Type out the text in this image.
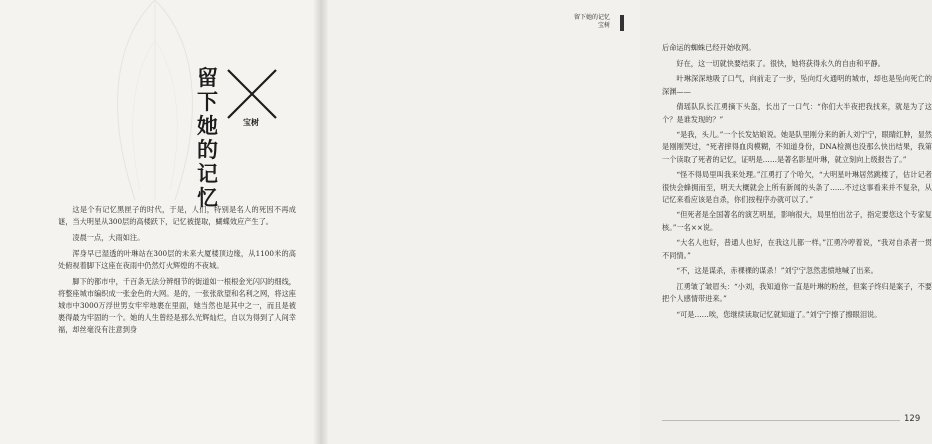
留下她的记忆
宝树

这是个有记忆黑匣子的时代，于是，人们，特别是名人的死因不再成谜，当大明星从300层的高楼跃下，记忆被提取，蝴蝶效应产生了。

凌晨一点，大雨如注。

浑身早已湿透的叶琳站在300层的未来大厦楼顶边缘，从1100米的高处俯视着脚下这座在夜雨中仍然灯火辉煌的不夜城。

脚下的都市中，千百条无法分辨细节的街道如一根根金光闪闪的细线，将整座城市编织成一张金色的大网。是的，一张张欲望和名利之网，将这座城市中3000万浮世男女牢牢地裹在里面，她当然也是其中之一，而且是被裹得最为牢固的一个。她的人生曾经是那么光辉灿烂，自以为得到了人间幸福，却丝毫没有注意到身

留下她的记忆
宝树

后命运的蜘蛛已经开始收网。

好在，这一切就快要结束了。很快，她将获得永久的自由和平静。

叶琳深深地吸了口气，向前走了一步，坠向灯火通明的城市，却也是坠向死亡的深渊——

倩瑶队队长江勇摘下头盔，长出了一口气：“你们大半夜把我找来，就是为了这个？是谁发现的？”

“是我，头儿。”一个长发姑娘说。她是队里刚分来的新人刘宁宁，眼睛红肿，显然是刚刚哭过，“死者摔得血肉模糊，不知道身份，DNA检测也没那么快出结果，我第一个读取了死者的记忆，证明是……是著名影星叶琳，就立刻向上级报告了。”

“怪不得局里叫我来处理。”江勇打了个哈欠，“大明星叶琳居然跳楼了，估计记者很快会蜂拥而至，明天大概就会上所有新闻的头条了……不过这事看来并不复杂，从记忆来看应该是自杀，你们按程序办就可以了。”

“但死者是全国著名的演艺明星，影响很大，局里怕出岔子，指定要您这个专家复核。”一名××说。

“大名人也好，普通人也好，在我这儿都一样。”江勇冷哼着说，“我对自杀者一贯不同情。”

“不，这是谋杀，赤裸裸的谋杀！”刘宁宁忽然悲愤地喊了出来。

江勇皱了皱眉头：“小刘，我知道你一直是叶琳的粉丝，但案子终归是案子，不要把个人感情带进来。”

“可是……唉，您继续读取记忆就知道了。”刘宁宁擦了擦眼泪说。

129
